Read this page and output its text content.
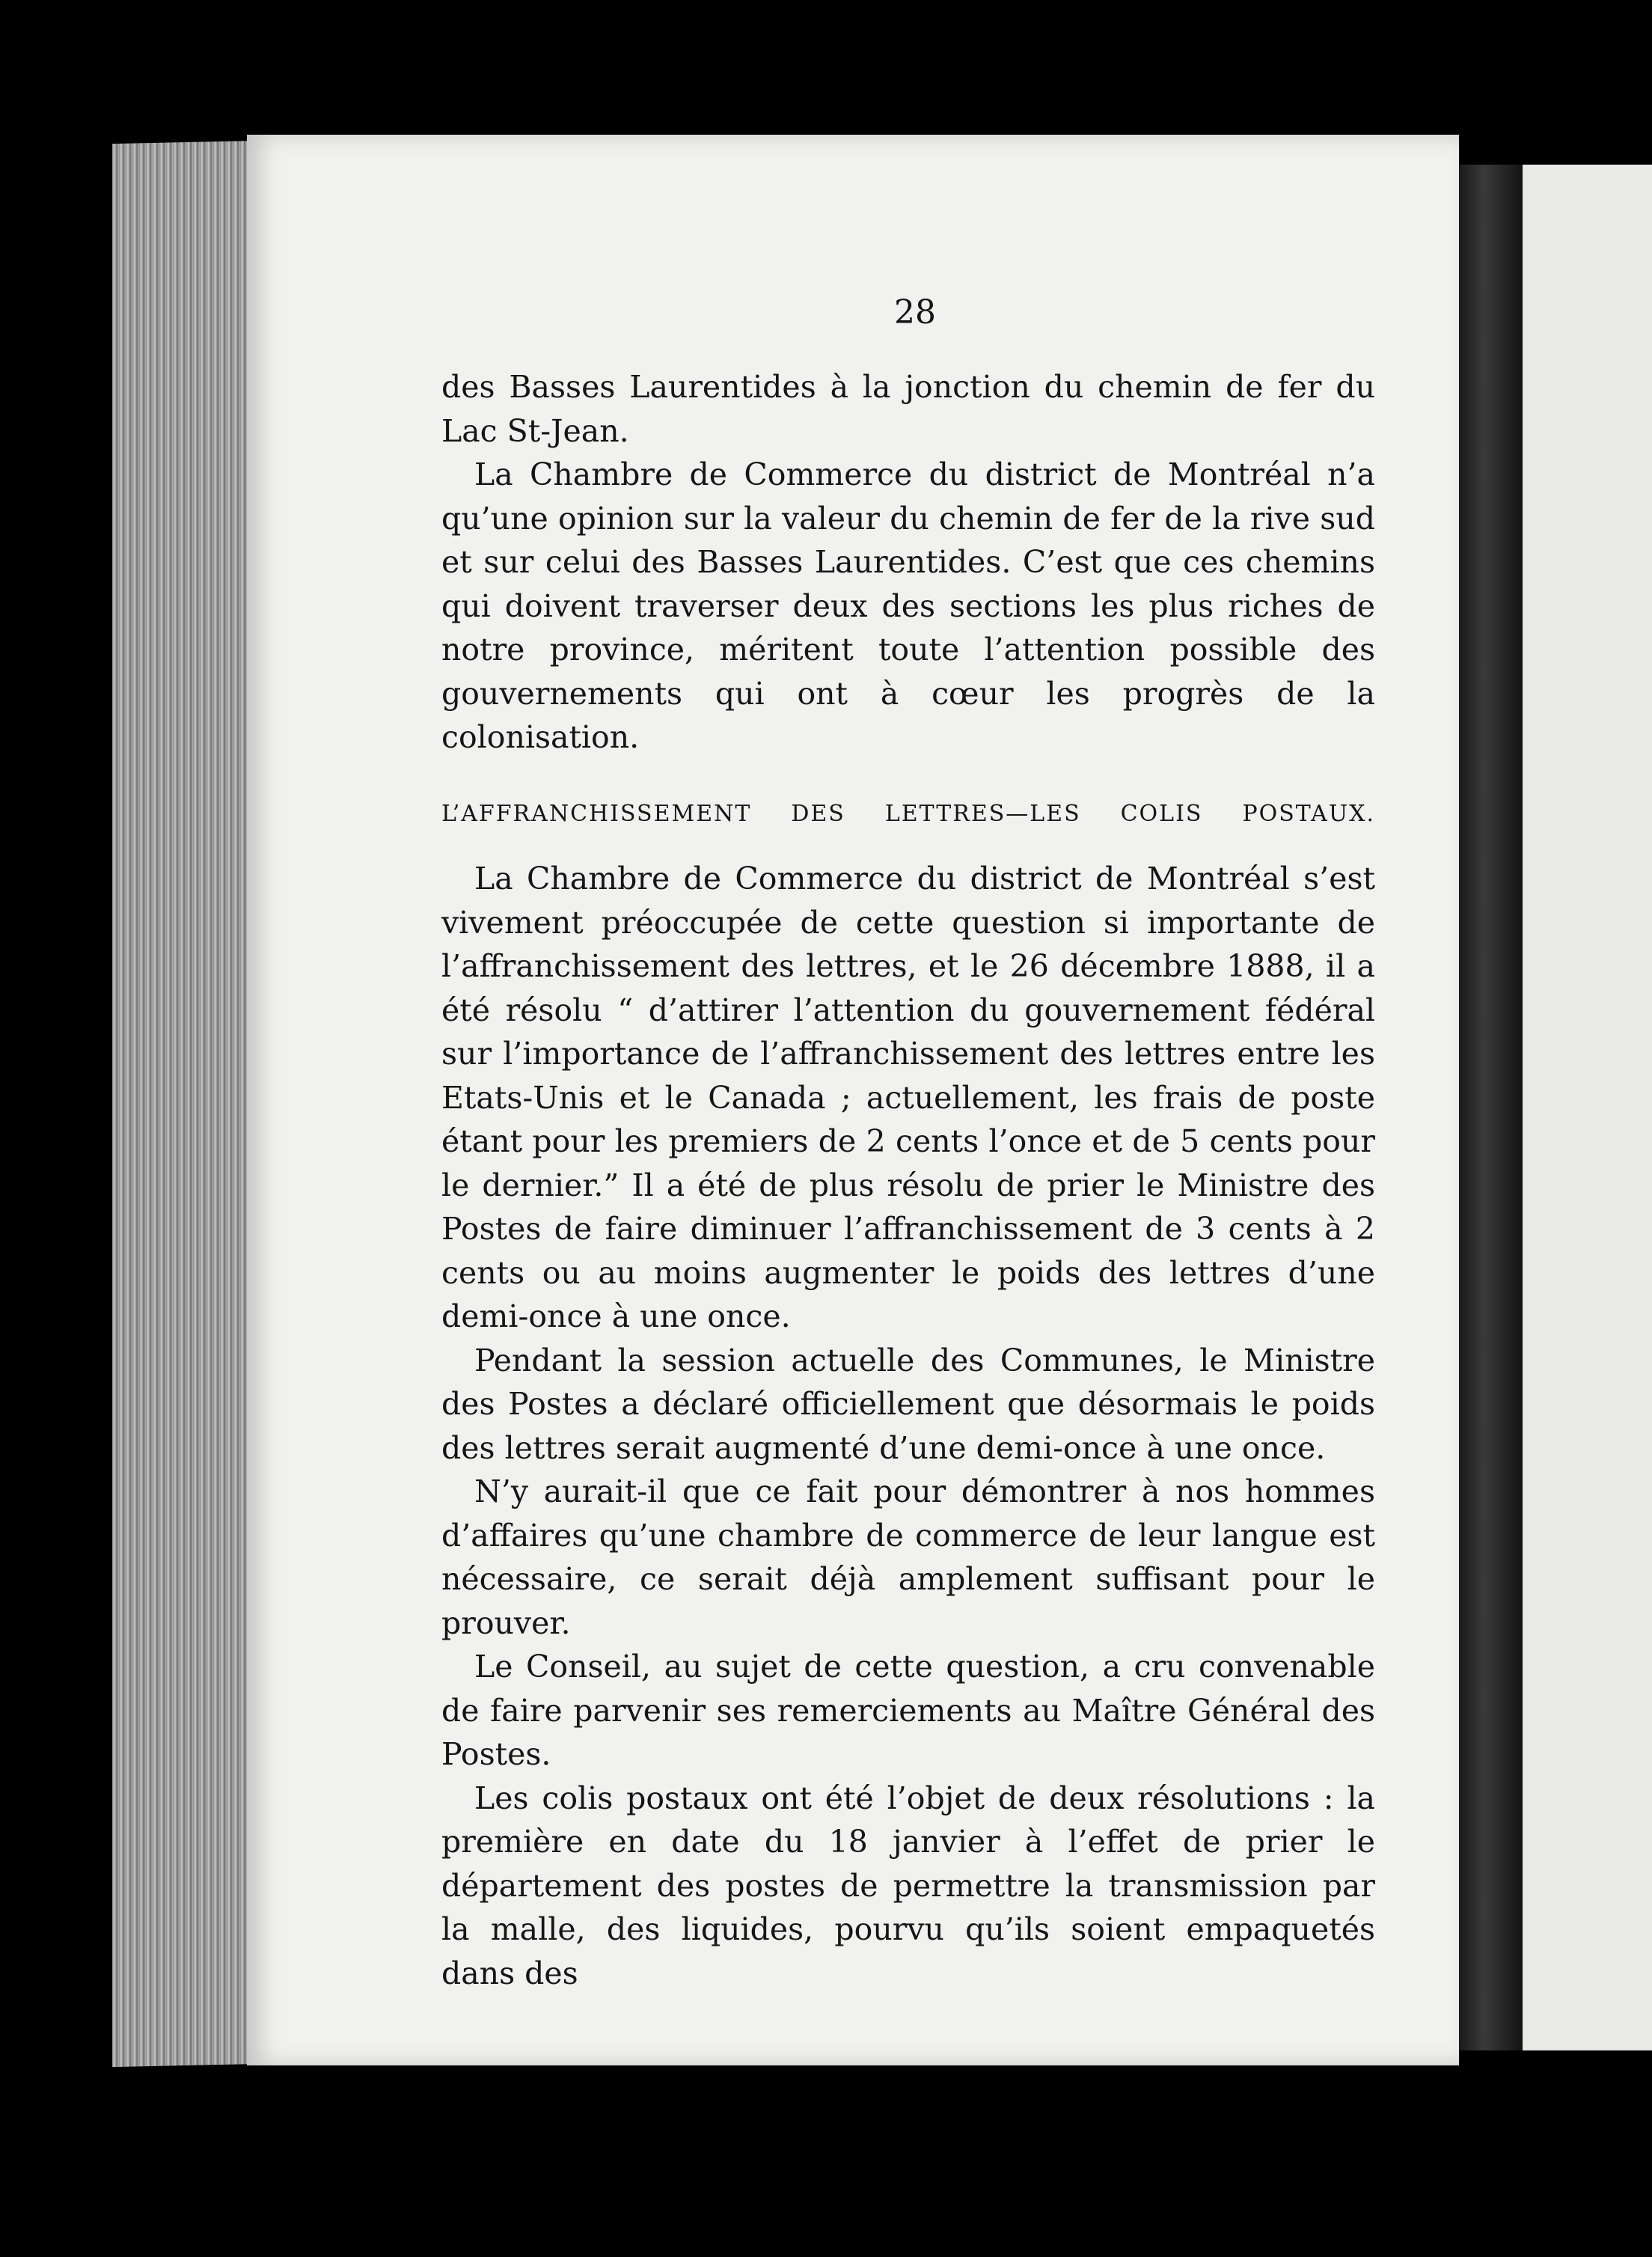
28

des Basses Laurentides à la jonction du chemin de fer du Lac St-Jean.

La Chambre de Commerce du district de Montréal n’a qu’une opinion sur la valeur du chemin de fer de la rive sud et sur celui des Basses Laurentides. C’est que ces chemins qui doivent traverser deux des sections les plus riches de notre province, méritent toute l’attention possible des gouvernements qui ont à cœur les progrès de la colonisation.

L’AFFRANCHISSEMENT DES LETTRES—LES COLIS POSTAUX.

La Chambre de Commerce du district de Montréal s’est vivement préoccupée de cette question si importante de l’affranchissement des lettres, et le 26 décembre 1888, il a été résolu “ d’attirer l’attention du gouvernement fédéral sur l’importance de l’affranchissement des lettres entre les Etats-Unis et le Canada ; actuellement, les frais de poste étant pour les premiers de 2 cents l’once et de 5 cents pour le dernier.” Il a été de plus résolu de prier le Ministre des Postes de faire diminuer l’affranchissement de 3 cents à 2 cents ou au moins augmenter le poids des lettres d’une demi-once à une once.

Pendant la session actuelle des Communes, le Ministre des Postes a déclaré officiellement que désormais le poids des lettres serait augmenté d’une demi-once à une once.

N’y aurait-il que ce fait pour démontrer à nos hommes d’affaires qu’une chambre de commerce de leur langue est nécessaire, ce serait déjà amplement suffisant pour le prouver.

Le Conseil, au sujet de cette question, a cru convenable de faire parvenir ses remerciements au Maître Général des Postes.

Les colis postaux ont été l’objet de deux résolutions : la première en date du 18 janvier à l’effet de prier le département des postes de permettre la transmission par la malle, des liquides, pourvu qu’ils soient empaquetés dans des
